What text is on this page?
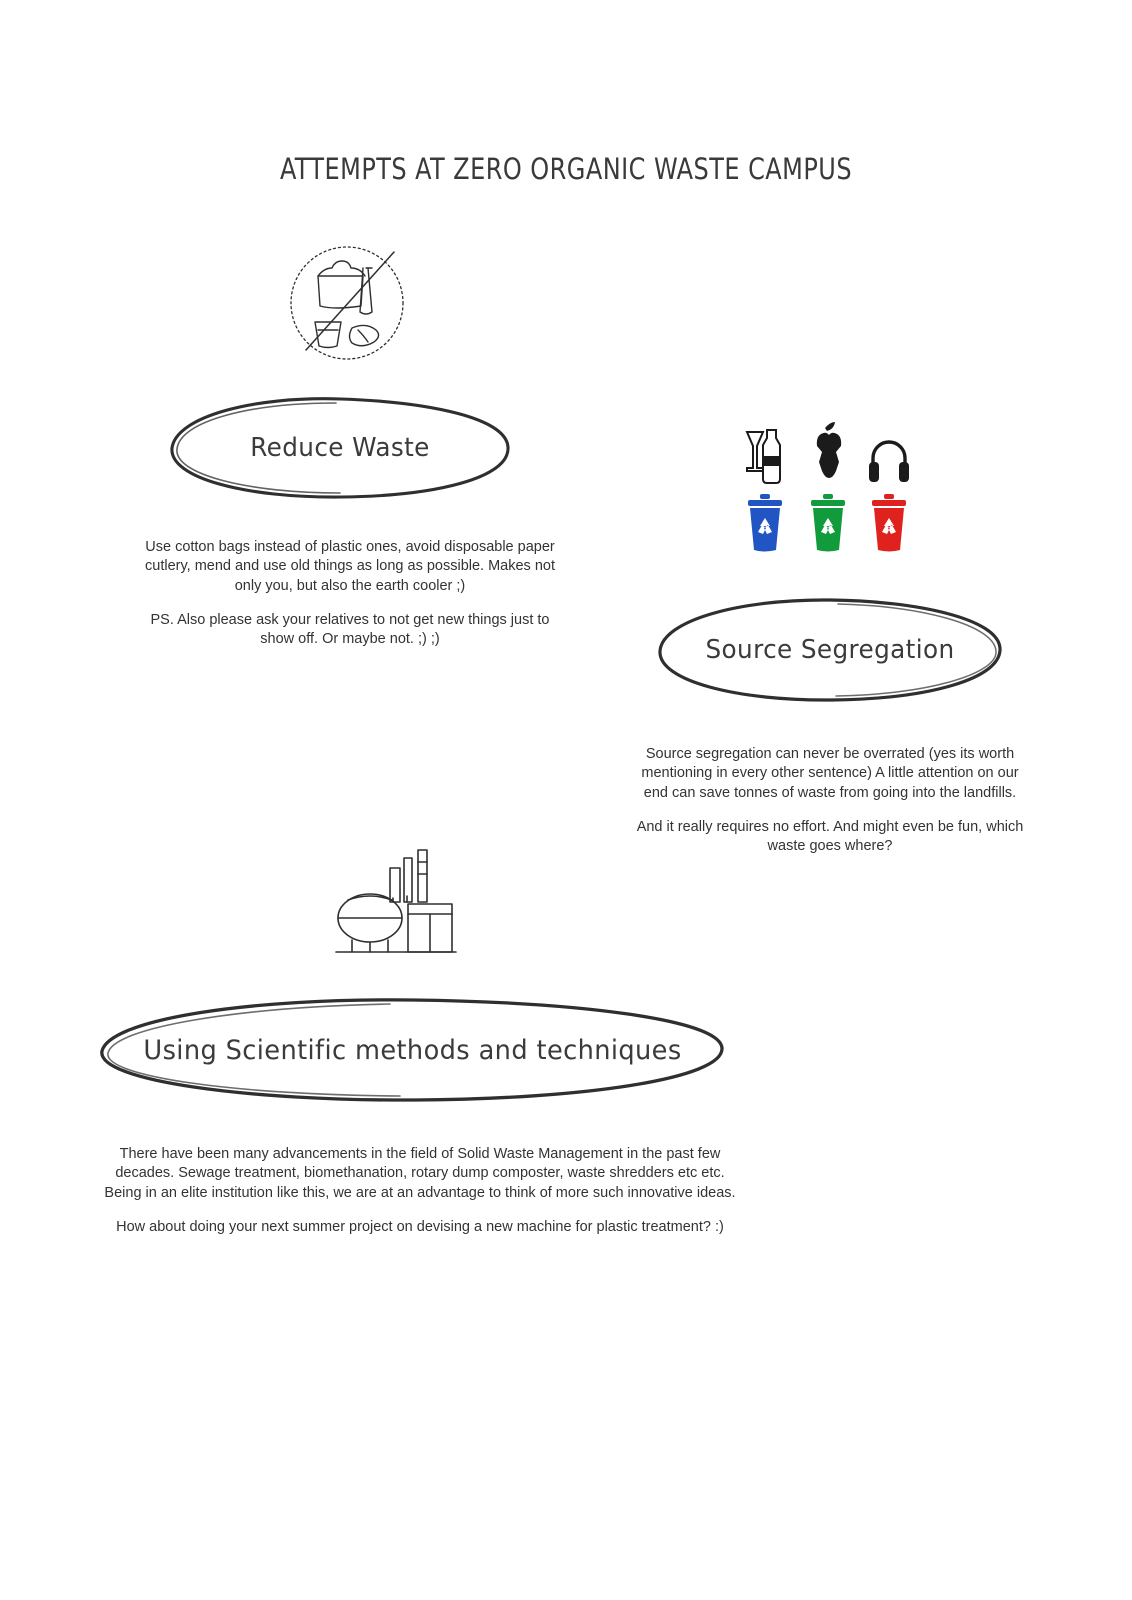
ATTEMPTS AT ZERO ORGANIC WASTE CAMPUS
Reduce Waste

Use cotton bags instead of plastic ones, avoid disposable paper cutlery, mend and use old things as long as possible. Makes not only you, but also the earth cooler ;)

PS. Also please ask your relatives to not get new things just to show off. Or maybe not. ;) ;)	Source Segregation

Source segregation can never be overrated (yes its worth mentioning in every other sentence) A little attention on our end can save tonnes of waste from going into the landfills.

And it really requires no effort. And might even be fun, which waste goes where?

Using Scientific methods and techniques

There have been many advancements in the field of Solid Waste Management in the past few decades. Sewage treatment, biomethanation, rotary dump composter, waste shredders etc etc. Being in an elite institution like this, we are at an advantage to think of more such innovative ideas.

How about doing your next summer project on devising a new machine for plastic treatment? :)
